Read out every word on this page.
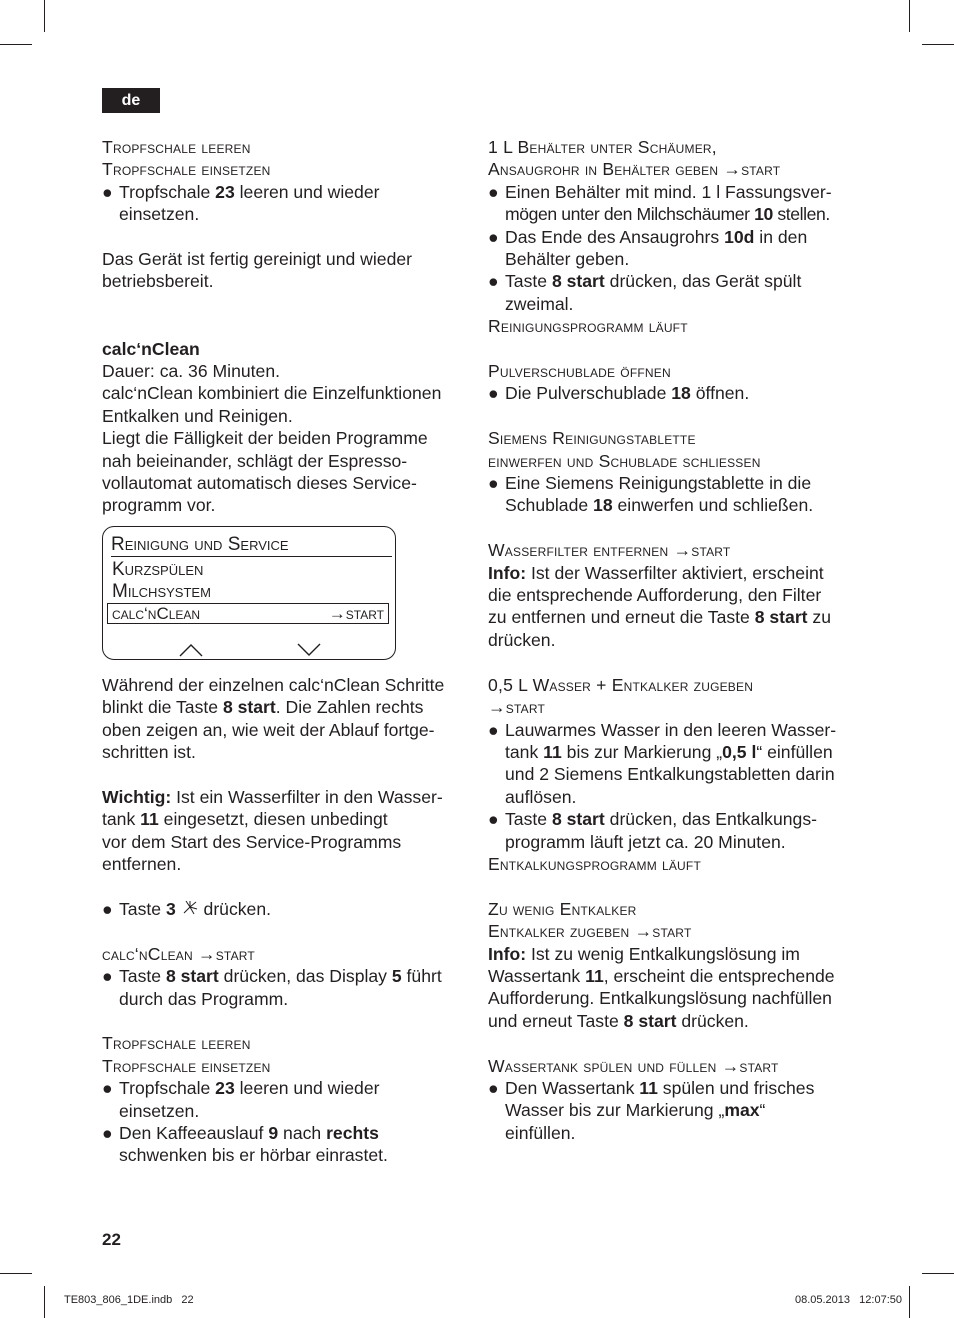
de
Tropfschale leeren
Tropfschale einsetzen
● Tropfschale 23 leeren und wieder
einsetzen.
Das Gerät ist fertig gereinigt und wieder
betriebsbereit.
calc‘nClean
Dauer: ca. 36 Minuten.
calc‘nClean kombiniert die Einzelfunktionen
Entkalken und Reinigen.
Liegt die Fälligkeit der beiden Programme
nah beieinander, schlägt der Espresso-
vollautomat automatisch dieses Service-
programm vor.
Reinigung und Service
Kurzspülen
Milchsystem
calc‘nClean	→start
Während der einzelnen calc‘nClean Schritte
blinkt die Taste 8 start. Die Zahlen rechts
oben zeigen an, wie weit der Ablauf fortge-
schritten ist.
Wichtig: Ist ein Wasserfilter in den Wasser-
tank 11 eingesetzt, diesen unbedingt
vor dem Start des Service-Programms
entfernen.
● Taste 3  drücken.
calc‘nClean →start
● Taste 8 start drücken, das Display 5 führt
durch das Programm.
Tropfschale leeren
Tropfschale einsetzen
● Tropfschale 23 leeren und wieder
einsetzen.
● Den Kaffeeauslauf 9 nach rechts
schwenken bis er hörbar einrastet.
1 L Behälter unter Schäumer,
Ansaugrohr in Behälter geben →start
● Einen Behälter mit mind. 1 l Fassungsver-
mögen unter den Milchschäumer 10 stellen.
● Das Ende des Ansaugrohrs 10d in den
Behälter geben.
● Taste 8 start drücken, das Gerät spült
zweimal.
Reinigungsprogramm läuft
Pulverschublade öffnen
● Die Pulverschublade 18 öffnen.
Siemens Reinigungstablette
einwerfen und Schublade schliessen
● Eine Siemens Reinigungstablette in die
Schublade 18 einwerfen und schließen.
Wasserfilter entfernen →start
Info: Ist der Wasserfilter aktiviert, erscheint
die entsprechende Aufforderung, den Filter
zu entfernen und erneut die Taste 8 start zu
drücken.
0,5 L Wasser + Entkalker zugeben
→start
● Lauwarmes Wasser in den leeren Wasser-
tank 11 bis zur Markierung „0,5 l“ einfüllen
und 2 Siemens Entkalkungstabletten darin
auflösen.
● Taste 8 start drücken, das Entkalkungs-
programm läuft jetzt ca. 20 Minuten.
Entkalkungsprogramm läuft
Zu wenig Entkalker
Entkalker zugeben →start
Info: Ist zu wenig Entkalkungslösung im
Wassertank 11, erscheint die entsprechende
Aufforderung. Entkalkungslösung nachfüllen
und erneut Taste 8 start drücken.
Wassertank spülen und füllen →start
● Den Wassertank 11 spülen und frisches
Wasser bis zur Markierung „max“
einfüllen.
22
TE803_806_1DE.indb   22	08.05.2013   12:07:50
